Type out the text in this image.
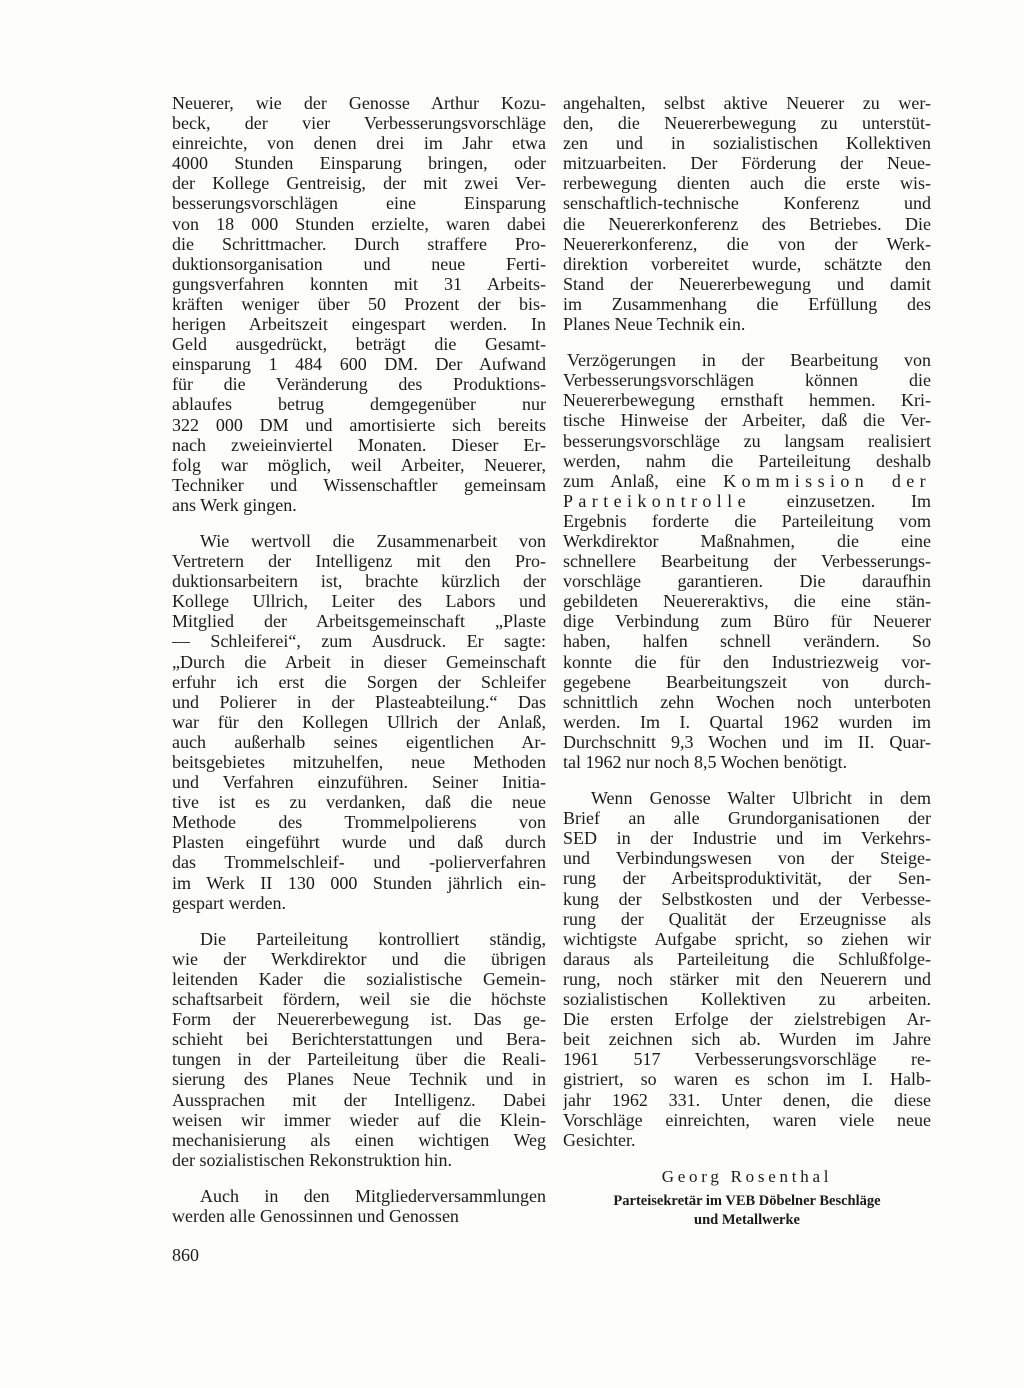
Neuerer, wie der Genosse Arthur Kozu-
beck, der vier Verbesserungsvorschläge
einreichte, von denen drei im Jahr etwa
4000 Stunden Einsparung bringen, oder
der Kollege Gentreisig, der mit zwei Ver-
besserungsvorschlägen eine Einsparung
von 18 000 Stunden erzielte, waren dabei
die Schrittmacher. Durch straffere Pro-
duktionsorganisation und neue Ferti-
gungsverfahren konnten mit 31 Arbeits-
kräften weniger über 50 Prozent der bis-
herigen Arbeitszeit eingespart werden. In
Geld ausgedrückt, beträgt die Gesamt-
einsparung 1 484 600 DM. Der Aufwand
für die Veränderung des Produktions-
ablaufes betrug demgegenüber nur
322 000 DM und amortisierte sich bereits
nach zweieinviertel Monaten. Dieser Er-
folg war möglich, weil Arbeiter, Neuerer,
Techniker und Wissenschaftler gemeinsam
ans Werk gingen.
Wie wertvoll die Zusammenarbeit von
Vertretern der Intelligenz mit den Pro-
duktionsarbeitern ist, brachte kürzlich der
Kollege Ullrich, Leiter des Labors und
Mitglied der Arbeitsgemeinschaft „Plaste
— Schleiferei“, zum Ausdruck. Er sagte:
„Durch die Arbeit in dieser Gemeinschaft
erfuhr ich erst die Sorgen der Schleifer
und Polierer in der Plasteabteilung.“ Das
war für den Kollegen Ullrich der Anlaß,
auch außerhalb seines eigentlichen Ar-
beitsgebietes mitzuhelfen, neue Methoden
und Verfahren einzuführen. Seiner Initia-
tive ist es zu verdanken, daß die neue
Methode des Trommelpolierens von
Plasten eingeführt wurde und daß durch
das Trommelschleif- und -polierverfahren
im Werk II 130 000 Stunden jährlich ein-
gespart werden.
Die Parteileitung kontrolliert ständig,
wie der Werkdirektor und die übrigen
leitenden Kader die sozialistische Gemein-
schaftsarbeit fördern, weil sie die höchste
Form der Neuererbewegung ist. Das ge-
schieht bei Berichterstattungen und Bera-
tungen in der Parteileitung über die Reali-
sierung des Planes Neue Technik und in
Aussprachen mit der Intelligenz. Dabei
weisen wir immer wieder auf die Klein-
mechanisierung als einen wichtigen Weg
der sozialistischen Rekonstruktion hin.
Auch in den Mitgliederversammlungen
werden alle Genossinnen und Genossen
angehalten, selbst aktive Neuerer zu wer-
den, die Neuererbewegung zu unterstüt-
zen und in sozialistischen Kollektiven
mitzuarbeiten. Der Förderung der Neue-
rerbewegung dienten auch die erste wis-
senschaftlich-technische Konferenz und
die Neuererkonferenz des Betriebes. Die
Neuererkonferenz, die von der Werk-
direktion vorbereitet wurde, schätzte den
Stand der Neuererbewegung und damit
im Zusammenhang die Erfüllung des
Planes Neue Technik ein.
Verzögerungen in der Bearbeitung von
Verbesserungsvorschlägen können die
Neuererbewegung ernsthaft hemmen. Kri-
tische Hinweise der Arbeiter, daß die Ver-
besserungsvorschläge zu langsam realisiert
werden, nahm die Parteileitung deshalb
zum Anlaß, eine Kommission der
Parteikontrolle einzusetzen. Im
Ergebnis forderte die Parteileitung vom
Werkdirektor Maßnahmen, die eine
schnellere Bearbeitung der Verbesserungs-
vorschläge garantieren. Die daraufhin
gebildeten Neuereraktivs, die eine stän-
dige Verbindung zum Büro für Neuerer
haben, halfen schnell verändern. So
konnte die für den Industriezweig vor-
gegebene Bearbeitungszeit von durch-
schnittlich zehn Wochen noch unterboten
werden. Im I. Quartal 1962 wurden im
Durchschnitt 9,3 Wochen und im II. Quar-
tal 1962 nur noch 8,5 Wochen benötigt.
Wenn Genosse Walter Ulbricht in dem
Brief an alle Grundorganisationen der
SED in der Industrie und im Verkehrs-
und Verbindungswesen von der Steige-
rung der Arbeitsproduktivität, der Sen-
kung der Selbstkosten und der Verbesse-
rung der Qualität der Erzeugnisse als
wichtigste Aufgabe spricht, so ziehen wir
daraus als Parteileitung die Schlußfolge-
rung, noch stärker mit den Neuerern und
sozialistischen Kollektiven zu arbeiten.
Die ersten Erfolge der zielstrebigen Ar-
beit zeichnen sich ab. Wurden im Jahre
1961 517 Verbesserungsvorschläge re-
gistriert, so waren es schon im I. Halb-
jahr 1962 331. Unter denen, die diese
Vorschläge einreichten, waren viele neue
Gesichter.
Georg Rosenthal
Parteisekretär im VEB Döbelner Beschläge
und Metallwerke
860
